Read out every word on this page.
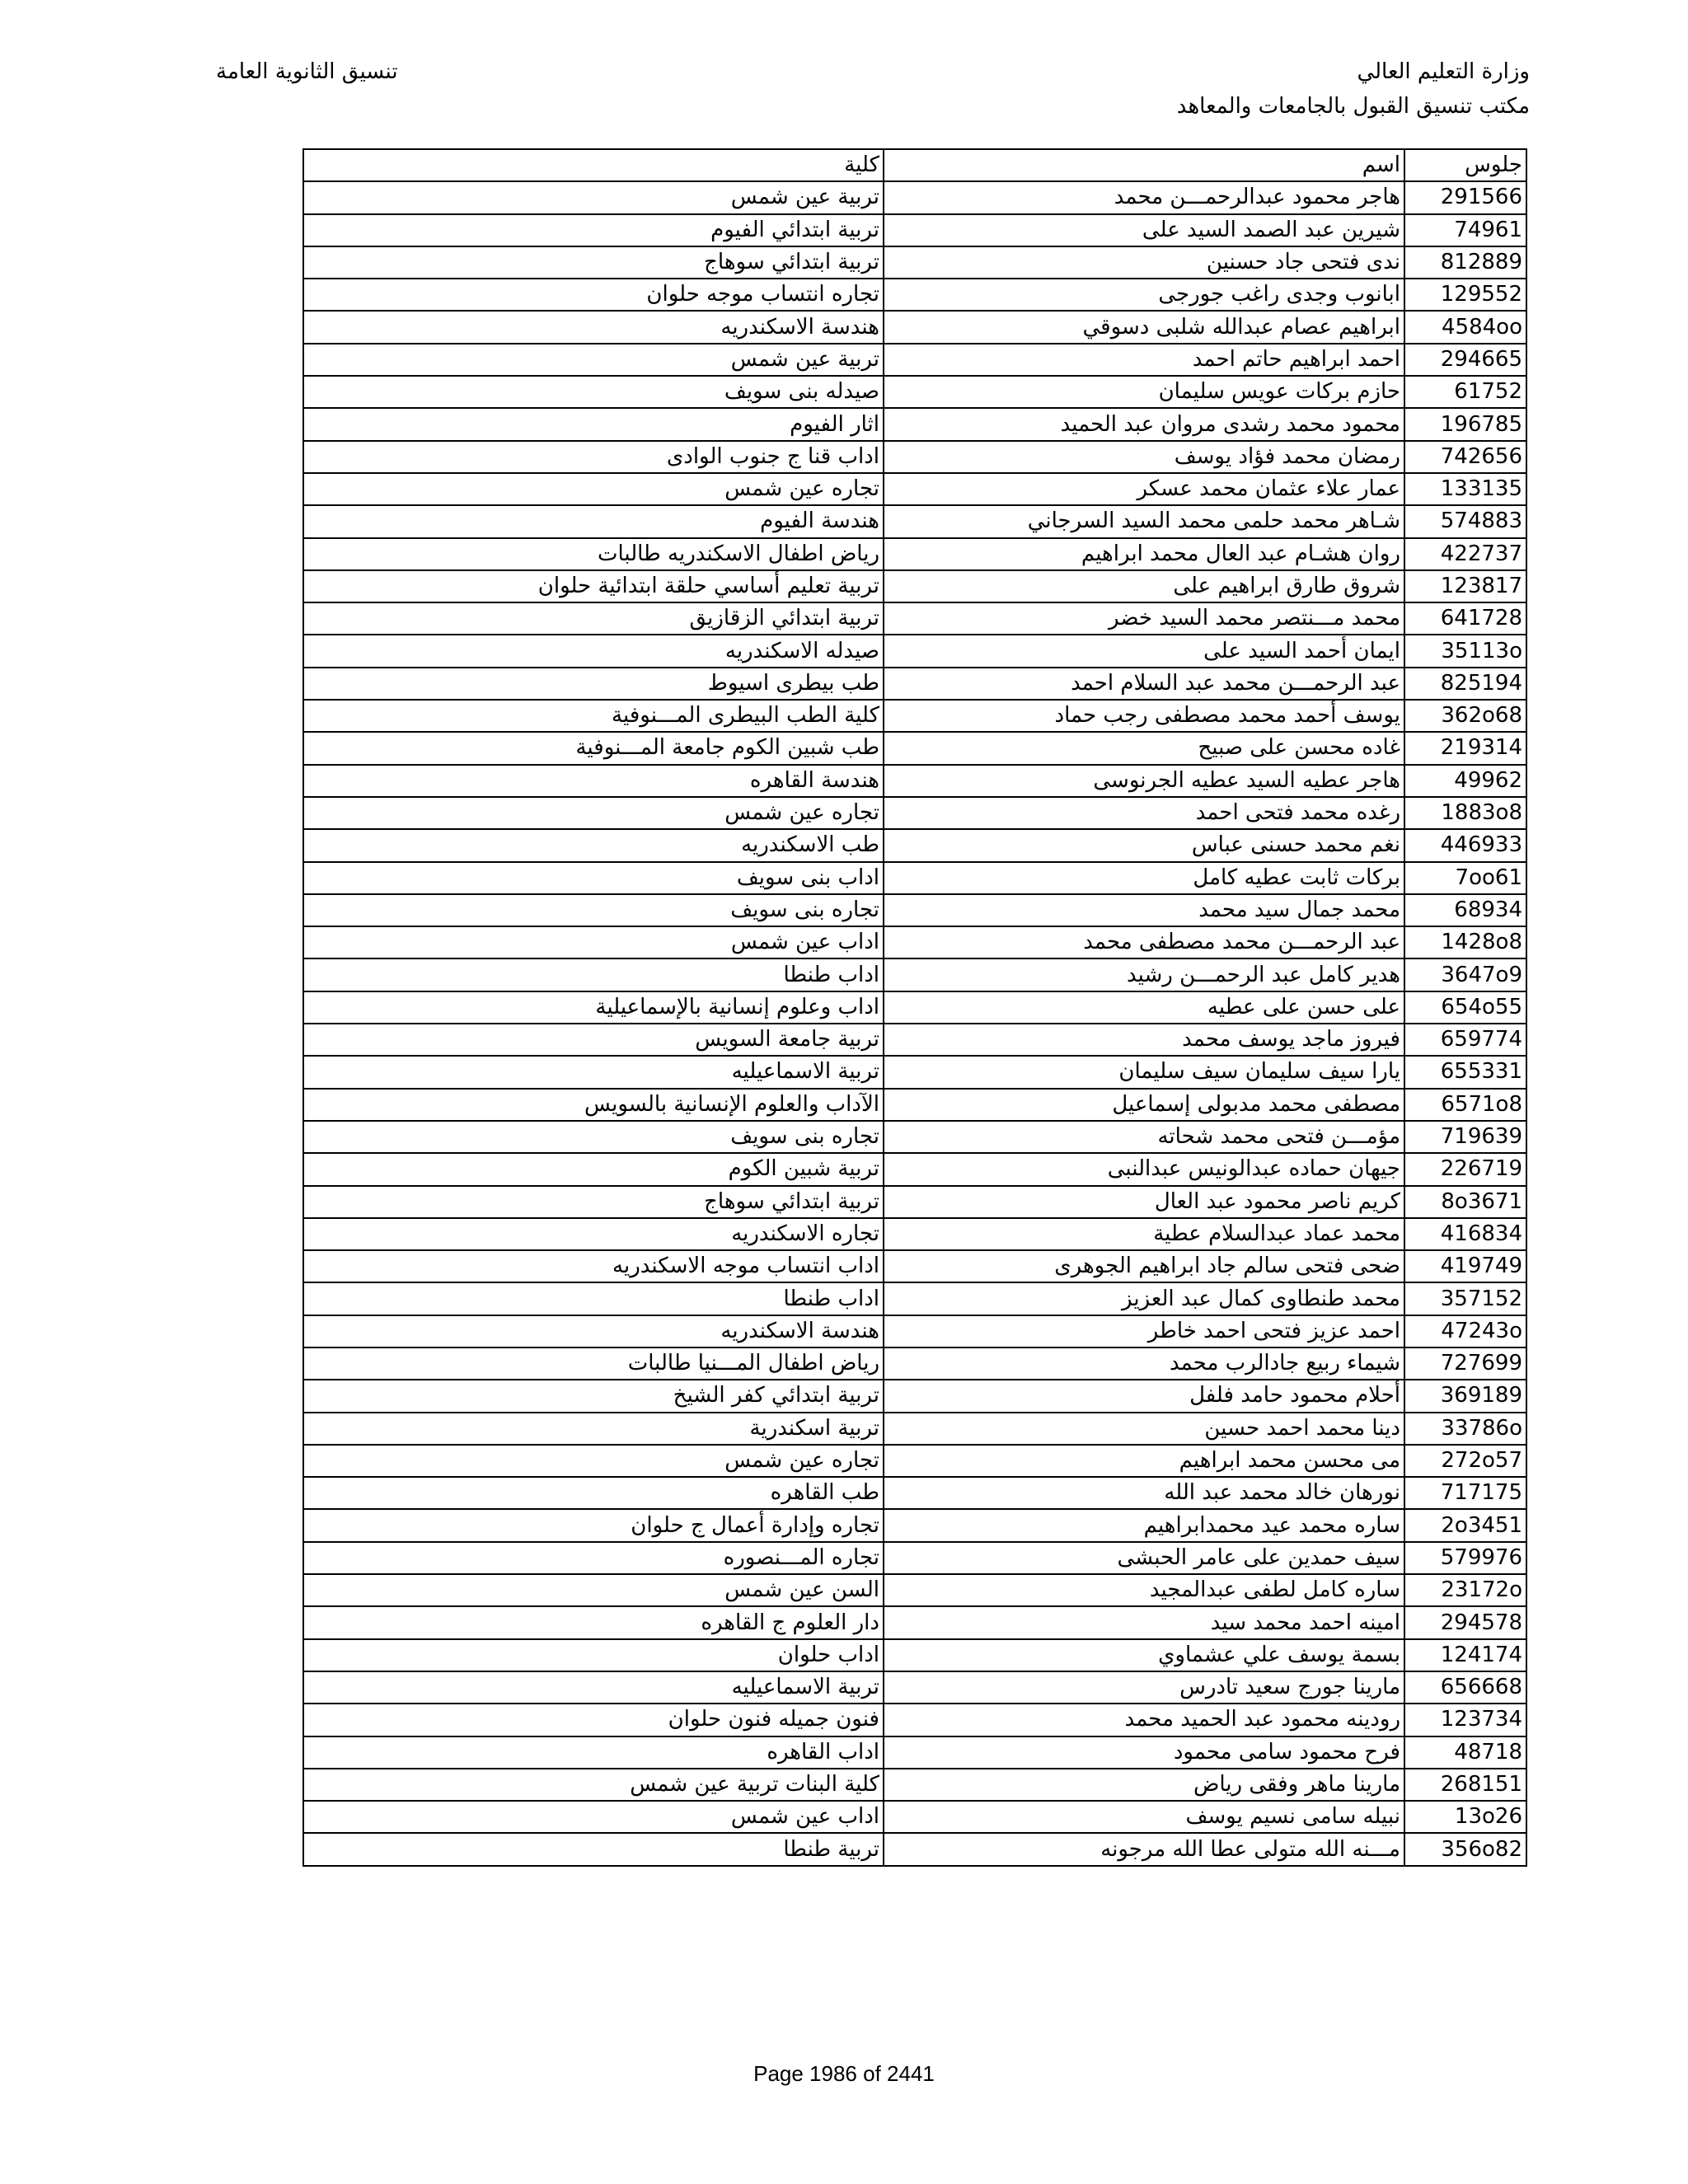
وزارة التعليم العالي
مكتب تنسيق القبول بالجامعات والمعاهد
تنسيق الثانوية العامة
جلوس	اسم	كلية
291566	هاجر محمود عبدالرحمـــن محمد	تربية عين شمس
74961	شيرين عبد الصمد السيد على	تربية ابتدائي الفيوم
812889	ندى فتحى جاد حسنين	تربية ابتدائي سوهاج
129552	ابانوب وجدى راغب جورجى	تجاره انتساب موجه حلوان
4584oo	ابراهيم عصام عبدالله شلبى دسوقي	هندسة الاسكندريه
294665	احمد ابراهيم حاتم احمد	تربية عين شمس
61752	حازم بركات عويس سليمان	صيدله بنى سويف
196785	محمود محمد رشدى مروان عبد الحميد	اثار الفيوم
742656	رمضان محمد فؤاد يوسف	اداب قنا ج جنوب الوادى
133135	عمار علاء عثمان محمد عسكر	تجاره عين شمس
574883	شـاهر محمد حلمى محمد السيد السرجاني	هندسة الفيوم
422737	روان هشـام عبد العال محمد ابراهيم	رياض اطفال الاسكندريه طالبات
123817	شروق طارق ابراهيم على	تربية تعليم أساسي حلقة ابتدائية حلوان
641728	محمد مـــنتصر محمد السيد خضر	تربية ابتدائي الزقازيق
35113o	ايمان أحمد السيد على	صيدله الاسكندريه
825194	عبد الرحمـــن محمد عبد السلام احمد	طب بيطرى اسيوط
362o68	يوسف أحمد محمد مصطفى رجب حماد	كلية الطب البيطرى المـــنوفية
219314	غاده محسن على صبيح	طب شبين الكوم جامعة المـــنوفية
49962	هاجر عطيه السيد عطيه الجرنوسى	هندسة القاهره
1883o8	رغده محمد فتحى احمد	تجاره عين شمس
446933	نغم محمد حسنى عباس	طب الاسكندريه
7oo61	بركات ثابت عطيه كامل	اداب بنى سويف
68934	محمد جمال سيد محمد	تجاره بنى سويف
1428o8	عبد الرحمـــن محمد مصطفى محمد	اداب عين شمس
3647o9	هدير كامل عبد الرحمـــن رشيد	اداب طنطا
654o55	على حسن على عطيه	اداب وعلوم إنسانية بالإسماعيلية
659774	فيروز ماجد يوسف محمد	تربية جامعة السويس
655331	يارا سيف سليمان سيف سليمان	تربية الاسماعيليه
6571o8	مصطفى محمد مدبولى إسماعيل	الآداب والعلوم الإنسانية بالسويس
719639	مؤمـــن فتحى محمد شحاته	تجاره بنى سويف
226719	جيهان حماده عبدالونيس عبدالنبى	تربية شبين الكوم
8o3671	كريم ناصر محمود عبد العال	تربية ابتدائي سوهاج
416834	محمد عماد عبدالسلام عطية	تجاره الاسكندريه
419749	ضحى فتحى سالم جاد ابراهيم الجوهرى	اداب انتساب موجه الاسكندريه
357152	محمد طنطاوى كمال عبد العزيز	اداب طنطا
47243o	احمد عزيز فتحى احمد خاطر	هندسة الاسكندريه
727699	شيماء ربيع جادالرب محمد	رياض اطفال المـــنيا طالبات
369189	أحلام محمود حامد فلفل	تربية ابتدائي كفر الشيخ
33786o	دينا محمد احمد حسين	تربية اسكندرية
272o57	مى محسن محمد ابراهيم	تجاره عين شمس
717175	نورهان خالد محمد عبد الله	طب القاهره
2o3451	ساره محمد عيد محمدابراهيم	تجاره وإدارة أعمال ج حلوان
579976	سيف حمدين على عامر الحبشى	تجاره المـــنصوره
23172o	ساره كامل لطفى عبدالمجيد	السن عين شمس
294578	امينه احمد محمد سيد	دار العلوم ج القاهره
124174	بسمة يوسف علي عشماوي	اداب حلوان
656668	مارينا جورج سعيد تادرس	تربية الاسماعيليه
123734	رودينه محمود عبد الحميد محمد	فنون جميله فنون حلوان
48718	فرح محمود سامى محمود	اداب القاهره
268151	مارينا ماهر وفقى رياض	كلية البنات تربية عين شمس
13o26	نبيله سامى نسيم يوسف	اداب عين شمس
356o82	مـــنه الله متولى عطا الله مرجونه	تربية طنطا
Page 1986 of 2441
